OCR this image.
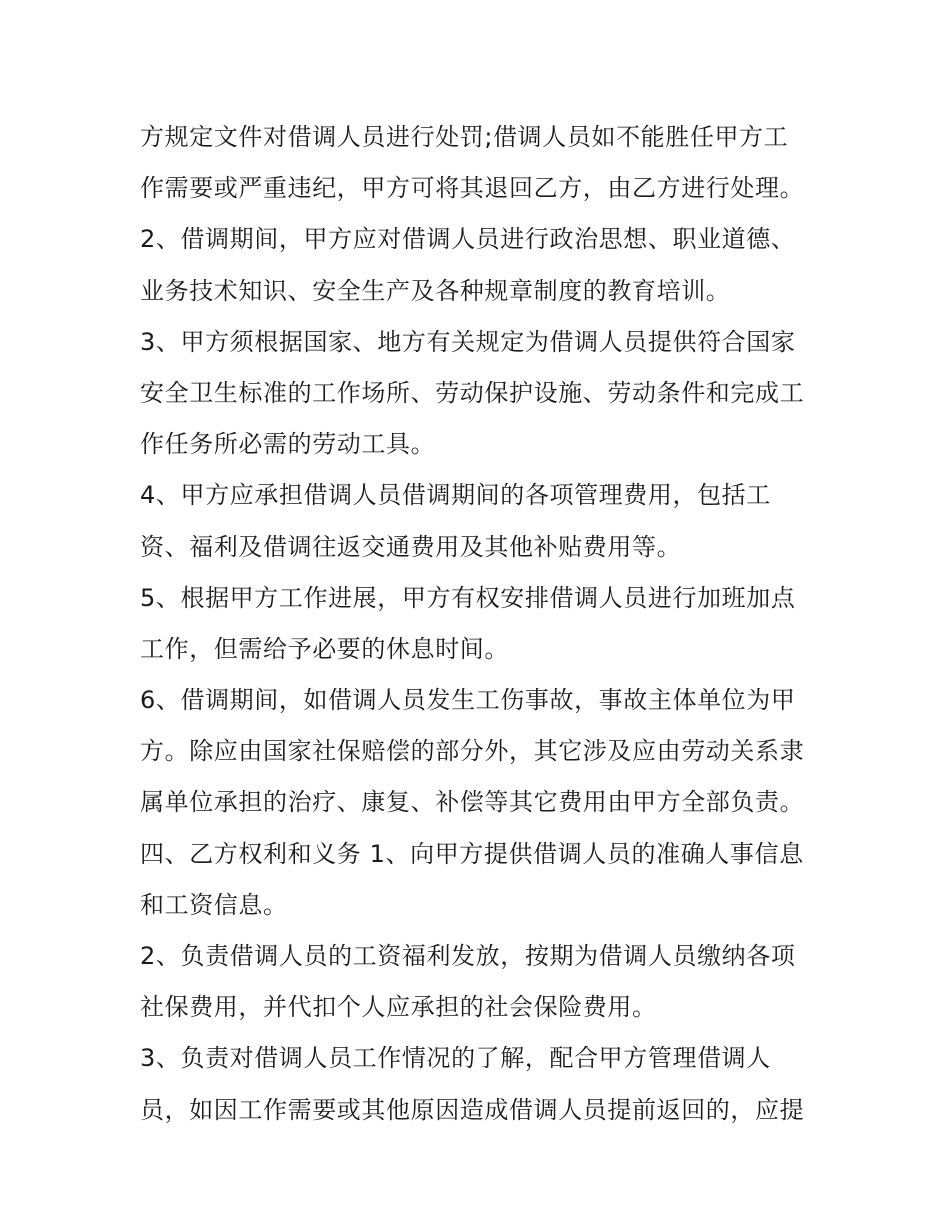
方规定文件对借调人员进行处罚;借调人员如不能胜任甲方工
作需要或严重违纪，甲方可将其退回乙方，由乙方进行处理。
2、借调期间，甲方应对借调人员进行政治思想、职业道德、
业务技术知识、安全生产及各种规章制度的教育培训。
3、甲方须根据国家、地方有关规定为借调人员提供符合国家
安全卫生标准的工作场所、劳动保护设施、劳动条件和完成工
作任务所必需的劳动工具。
4、甲方应承担借调人员借调期间的各项管理费用，包括工
资、福利及借调往返交通费用及其他补贴费用等。
5、根据甲方工作进展，甲方有权安排借调人员进行加班加点
工作，但需给予必要的休息时间。
6、借调期间，如借调人员发生工伤事故，事故主体单位为甲
方。除应由国家社保赔偿的部分外，其它涉及应由劳动关系隶
属单位承担的治疗、康复、补偿等其它费用由甲方全部负责。
四、乙方权利和义务 1、向甲方提供借调人员的准确人事信息
和工资信息。
2、负责借调人员的工资福利发放，按期为借调人员缴纳各项
社保费用，并代扣个人应承担的社会保险费用。
3、负责对借调人员工作情况的了解，配合甲方管理借调人
员，如因工作需要或其他原因造成借调人员提前返回的，应提
